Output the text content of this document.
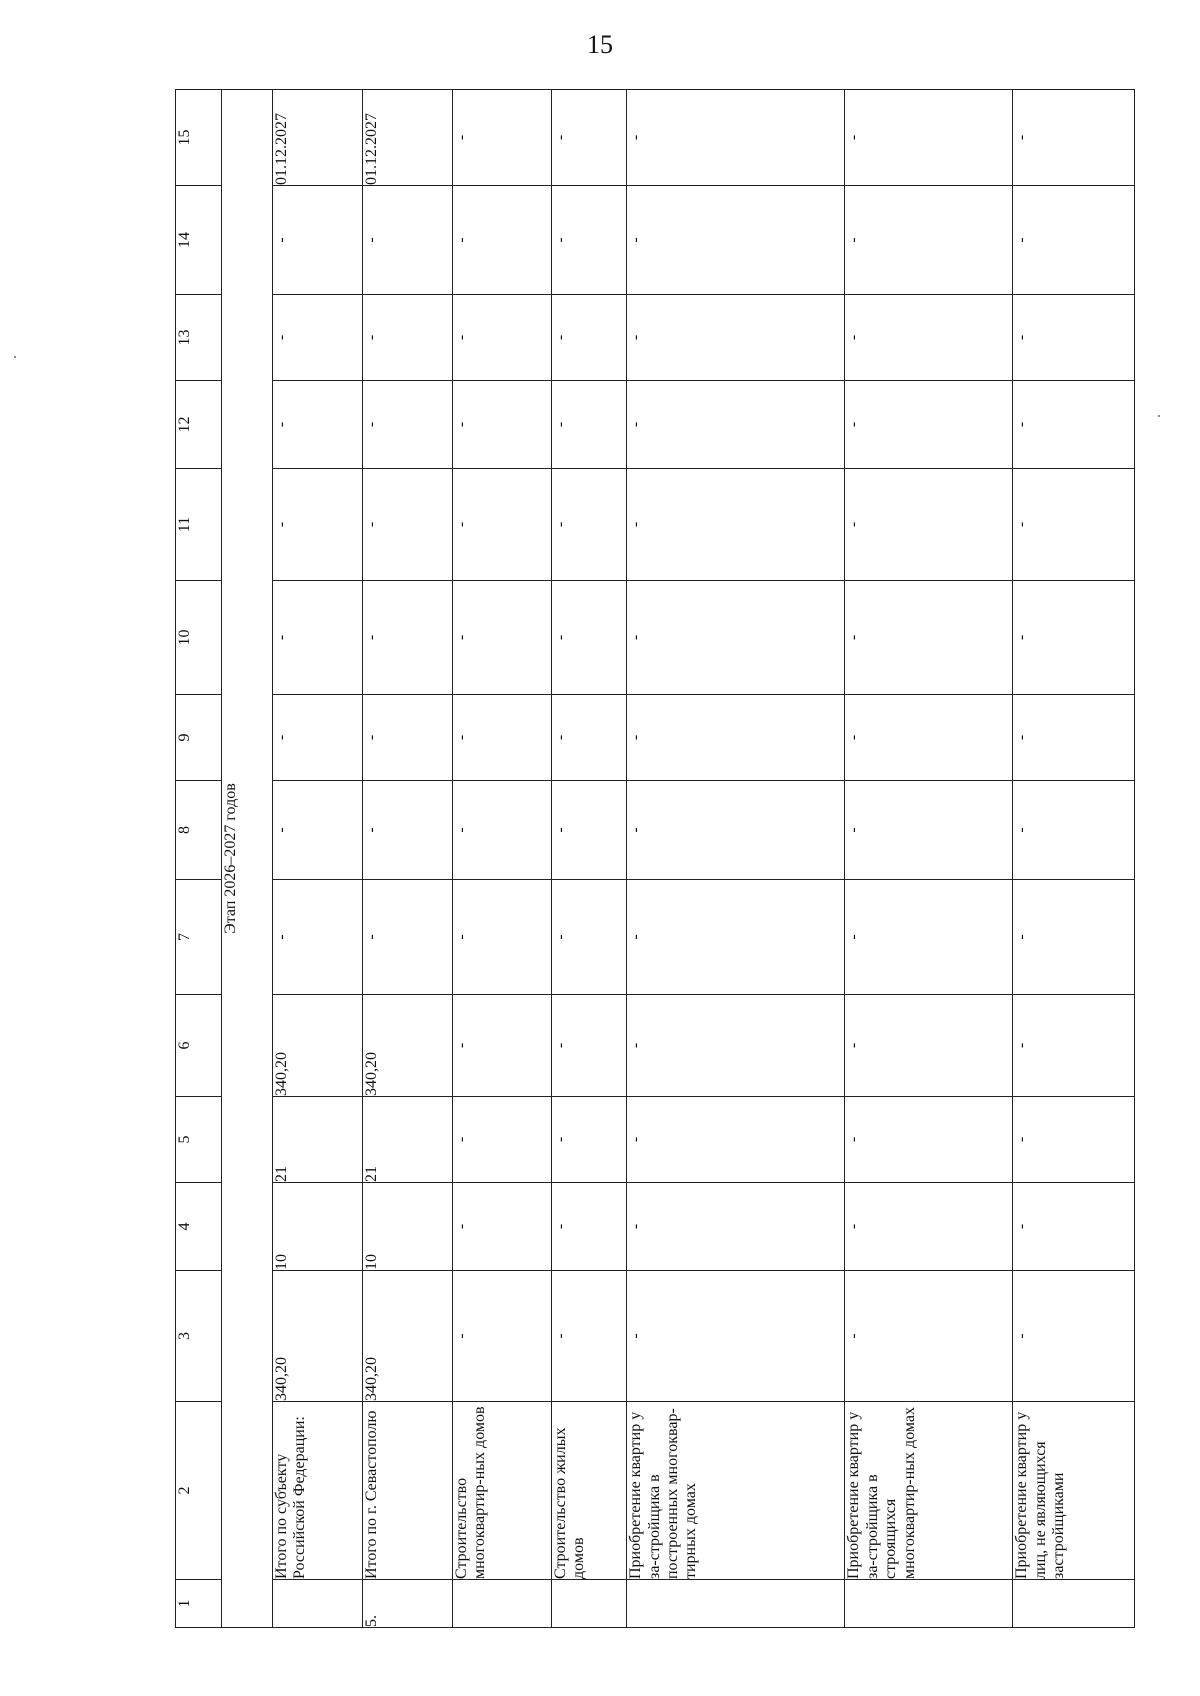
15
1	2	3	4	5	6	7	8	9	10	11	12	13	14	15
Этап 2026–2027 годов														
	Итого по субъекту Российской Федерации:	340,20	10	21	340,20	-	-	-	-	-	-	-	-	01.12.2027
5.	Итого по г. Севастополю	340,20	10	21	340,20	-	-	-	-	-	-	-	-	01.12.2027
	Строительство многоквартир-ных домов	-	-	-	-	-	-	-	-	-	-	-	-	-
	Строительство жилых домов	-	-	-	-	-	-	-	-	-	-	-	-	-
	Приобретение квартир у за-стройщика в построенных многоквар-тирных домах	-	-	-	-	-	-	-	-	-	-	-	-	-
	Приобретение квартир у за-стройщика в строящихся многоквартир-ных домах	-	-	-	-	-	-	-	-	-	-	-	-	-
	Приобретение квартир у лиц, не являющихся застройщиками	-	-	-	-	-	-	-	-	-	-	-	-	-
